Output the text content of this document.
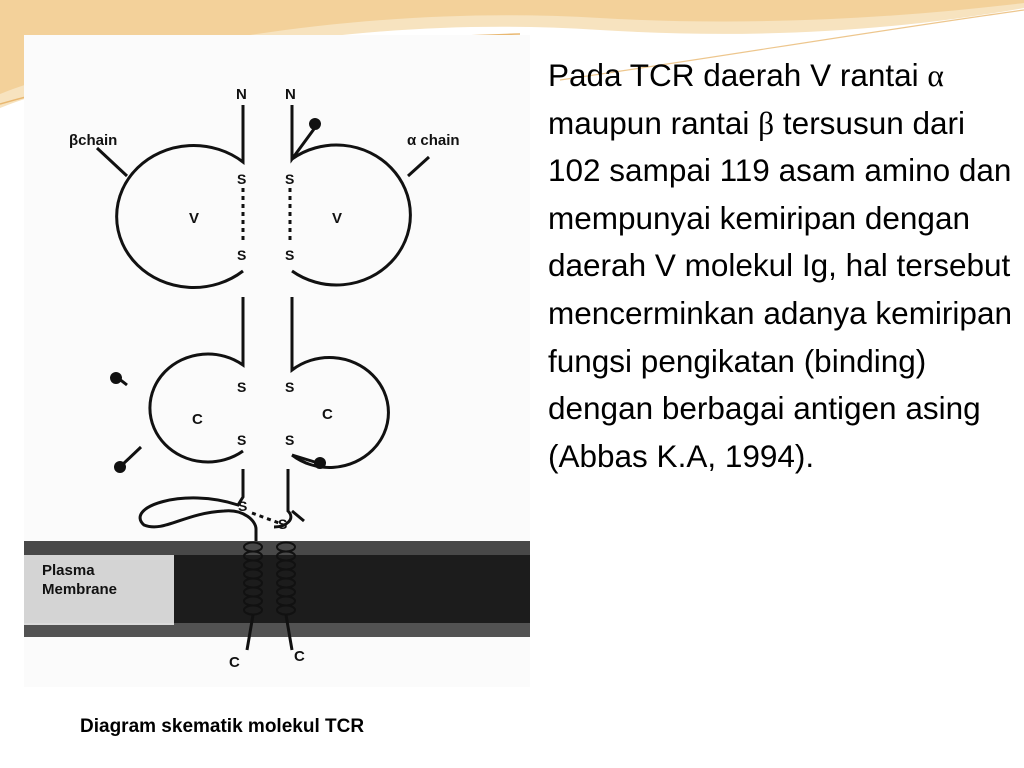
N	N
βchain	α chain
V	V
C	C
S
S
S
S
S
S
S
S
S
S
Plasma
Membrane
C	C

Pada TCR daerah V rantai α maupun rantai β tersusun dari 102 sampai 119 asam amino dan mempunyai kemiripan dengan daerah V molekul Ig, hal tersebut mencerminkan adanya kemiripan fungsi pengikatan (binding) dengan berbagai antigen asing (Abbas K.A, 1994).

Diagram skematik molekul TCR
